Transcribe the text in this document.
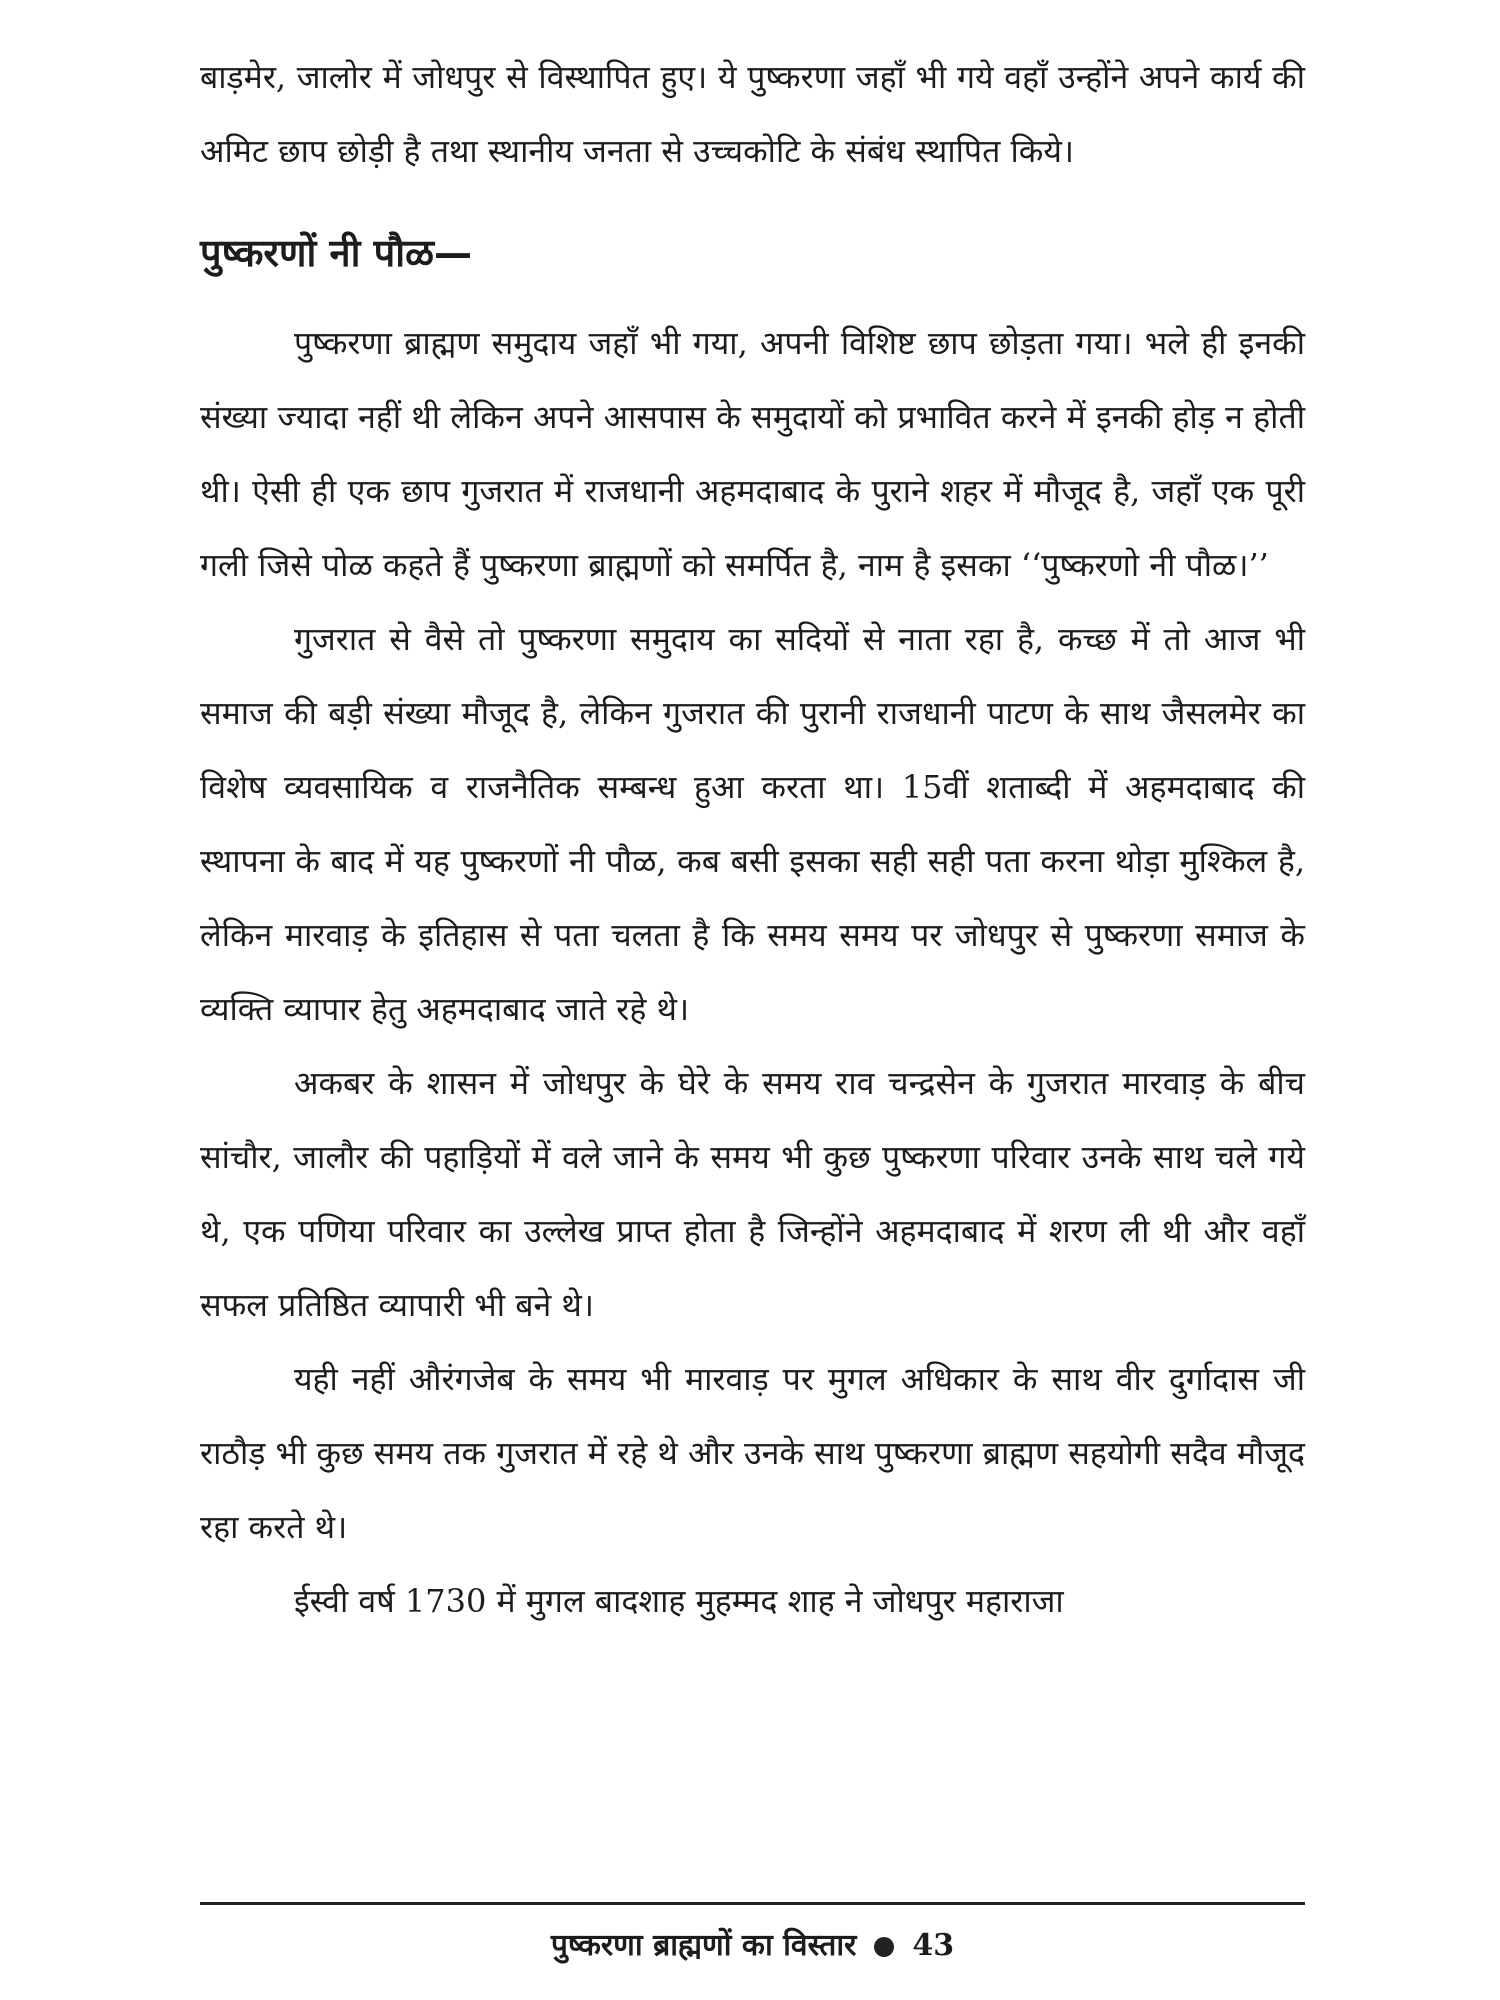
बाड़मेर, जालोर में जोधपुर से विस्थापित हुए। ये पुष्करणा जहाँ भी गये वहाँ उन्होंने अपने कार्य की अमिट छाप छोड़ी है तथा स्थानीय जनता से उच्चकोटि के संबंध स्थापित किये।

पुष्करणों नी पौळ—

पुष्करणा ब्राह्मण समुदाय जहाँ भी गया, अपनी विशिष्ट छाप छोड़ता गया। भले ही इनकी संख्या ज्यादा नहीं थी लेकिन अपने आसपास के समुदायों को प्रभावित करने में इनकी होड़ न होती थी। ऐसी ही एक छाप गुजरात में राजधानी अहमदाबाद के पुराने शहर में मौजूद है, जहाँ एक पूरी गली जिसे पोळ कहते हैं पुष्करणा ब्राह्मणों को समर्पित है, नाम है इसका ‘‘पुष्करणो नी पौळ।’’

गुजरात से वैसे तो पुष्करणा समुदाय का सदियों से नाता रहा है, कच्छ में तो आज भी समाज की बड़ी संख्या मौजूद है, लेकिन गुजरात की पुरानी राजधानी पाटण के साथ जैसलमेर का विशेष व्यवसायिक व राजनैतिक सम्बन्ध हुआ करता था। 15वीं शताब्दी में अहमदाबाद की स्थापना के बाद में यह पुष्करणों नी पौळ, कब बसी इसका सही सही पता करना थोड़ा मुश्किल है, लेकिन मारवाड़ के इतिहास से पता चलता है कि समय समय पर जोधपुर से पुष्करणा समाज के व्यक्ति व्यापार हेतु अहमदाबाद जाते रहे थे।

अकबर के शासन में जोधपुर के घेरे के समय राव चन्द्रसेन के गुजरात मारवाड़ के बीच सांचौर, जालौर की पहाड़ियों में वले जाने के समय भी कुछ पुष्करणा परिवार उनके साथ चले गये थे, एक पणिया परिवार का उल्लेख प्राप्त होता है जिन्होंने अहमदाबाद में शरण ली थी और वहाँ सफल प्रतिष्ठित व्यापारी भी बने थे।

यही नहीं औरंगजेब के समय भी मारवाड़ पर मुगल अधिकार के साथ वीर दुर्गादास जी राठौड़ भी कुछ समय तक गुजरात में रहे थे और उनके साथ पुष्करणा ब्राह्मण सहयोगी सदैव मौजूद रहा करते थे।

ईस्वी वर्ष 1730 में मुगल बादशाह मुहम्मद शाह ने जोधपुर महाराजा

पुष्करणा ब्राह्मणों का विस्तार 43
